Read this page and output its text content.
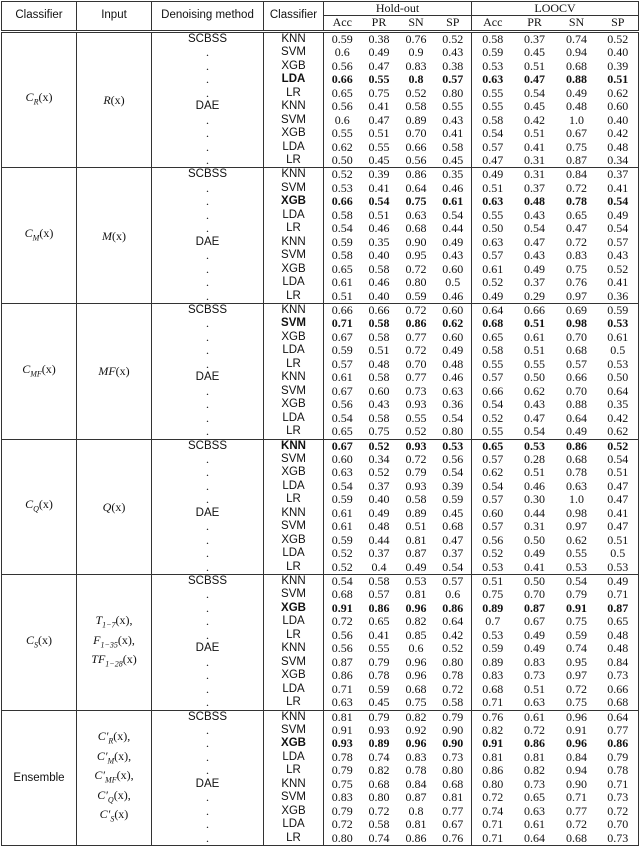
Classifier	Input	Denoising method	Classifier	Hold-out				LOOCV			
				Acc	PR	SN	SP	Acc	PR	SN	SP
$C_R(x)$	R(x)	SCBSS	KNN	0.59	0.38	0.76	0.52	0.58	0.37	0.74	0.52
		.	SVM	0.6	0.49	0.9	0.43	0.59	0.45	0.94	0.40
		.	XGB	0.56	0.47	0.83	0.38	0.53	0.51	0.68	0.39
		.	LDA	0.66	0.55	0.8	0.57	0.63	0.47	0.88	0.51
		.	LR	0.65	0.75	0.52	0.80	0.55	0.54	0.49	0.62
		DAE	KNN	0.56	0.41	0.58	0.55	0.55	0.45	0.48	0.60
		.	SVM	0.6	0.47	0.89	0.43	0.58	0.42	1.0	0.40
		.	XGB	0.55	0.51	0.70	0.41	0.54	0.51	0.67	0.42
		.	LDA	0.62	0.55	0.66	0.58	0.57	0.41	0.75	0.48
		.	LR	0.50	0.45	0.56	0.45	0.47	0.31	0.87	0.34
$C_M(x)$	M(x)	SCBSS	KNN	0.52	0.39	0.86	0.35	0.49	0.31	0.84	0.37
		.	SVM	0.53	0.41	0.64	0.46	0.51	0.37	0.72	0.41
		.	XGB	0.66	0.54	0.75	0.61	0.63	0.48	0.78	0.54
		.	LDA	0.58	0.51	0.63	0.54	0.55	0.43	0.65	0.49
		.	LR	0.54	0.46	0.68	0.44	0.50	0.54	0.47	0.54
		DAE	KNN	0.59	0.35	0.90	0.49	0.63	0.47	0.72	0.57
		.	SVM	0.58	0.40	0.95	0.43	0.57	0.43	0.83	0.43
		.	XGB	0.65	0.58	0.72	0.60	0.61	0.49	0.75	0.52
		.	LDA	0.61	0.46	0.80	0.5	0.52	0.37	0.76	0.41
		.	LR	0.51	0.40	0.59	0.46	0.49	0.29	0.97	0.36
$C_{MF}(x)$	MF(x)	SCBSS	KNN	0.66	0.66	0.72	0.60	0.64	0.66	0.69	0.59
		.	SVM	0.71	0.58	0.86	0.62	0.68	0.51	0.98	0.53
		.	XGB	0.67	0.58	0.77	0.60	0.65	0.61	0.70	0.61
		.	LDA	0.59	0.51	0.72	0.49	0.58	0.51	0.68	0.5
		.	LR	0.57	0.48	0.70	0.48	0.55	0.55	0.57	0.53
		DAE	KNN	0.61	0.58	0.77	0.46	0.57	0.50	0.66	0.50
		.	SVM	0.67	0.60	0.73	0.63	0.66	0.62	0.70	0.64
		.	XGB	0.56	0.43	0.93	0.36	0.54	0.43	0.88	0.35
		.	LDA	0.54	0.58	0.55	0.54	0.52	0.47	0.64	0.42
		.	LR	0.65	0.75	0.52	0.80	0.55	0.54	0.49	0.62
$C_Q(x)$	Q(x)	SCBSS	KNN	0.67	0.52	0.93	0.53	0.65	0.53	0.86	0.52
		.	SVM	0.60	0.34	0.72	0.56	0.57	0.28	0.68	0.54
		.	XGB	0.63	0.52	0.79	0.54	0.62	0.51	0.78	0.51
		.	LDA	0.54	0.37	0.93	0.39	0.54	0.46	0.63	0.47
		.	LR	0.59	0.40	0.58	0.59	0.57	0.30	1.0	0.47
		DAE	KNN	0.61	0.49	0.89	0.45	0.60	0.44	0.98	0.41
		.	SVM	0.61	0.48	0.51	0.68	0.57	0.31	0.97	0.47
		.	XGB	0.59	0.44	0.81	0.47	0.56	0.50	0.62	0.51
		.	LDA	0.52	0.37	0.87	0.37	0.52	0.49	0.55	0.5
		.	LR	0.52	0.4	0.49	0.54	0.53	0.41	0.53	0.53
$C_S(x)$	$T_{1-7}(x)$,
$F_{1-35}(x)$,
$TF_{1-28}(x)$	SCBSS	KNN	0.54	0.58	0.53	0.57	0.51	0.50	0.54	0.49
		.	SVM	0.68	0.57	0.81	0.6	0.75	0.70	0.79	0.71
		.	XGB	0.91	0.86	0.96	0.86	0.89	0.87	0.91	0.87
		.	LDA	0.72	0.65	0.82	0.64	0.7	0.67	0.75	0.65
		.	LR	0.56	0.41	0.85	0.42	0.53	0.49	0.59	0.48
		DAE	KNN	0.56	0.55	0.6	0.52	0.59	0.49	0.74	0.48
		.	SVM	0.87	0.79	0.96	0.80	0.89	0.83	0.95	0.84
		.	XGB	0.86	0.78	0.96	0.78	0.83	0.73	0.97	0.73
		.	LDA	0.71	0.59	0.68	0.72	0.68	0.51	0.72	0.66
		.	LR	0.63	0.45	0.75	0.58	0.71	0.63	0.75	0.68
Ensemble	$C'_R(x)$,
$C'_M(x)$,
$C'_{MF}(x)$,
$C'_Q(x)$,
$C'_S(x)$	SCBSS	KNN	0.81	0.79	0.82	0.79	0.76	0.61	0.96	0.64
		.	SVM	0.91	0.93	0.92	0.90	0.82	0.72	0.91	0.77
		.	XGB	0.93	0.89	0.96	0.90	0.91	0.86	0.96	0.86
		.	LDA	0.78	0.74	0.83	0.73	0.81	0.81	0.84	0.79
		.	LR	0.79	0.82	0.78	0.80	0.86	0.82	0.94	0.78
		DAE	KNN	0.75	0.68	0.84	0.68	0.80	0.73	0.90	0.71
		.	SVM	0.83	0.80	0.87	0.81	0.72	0.65	0.71	0.73
		.	XGB	0.79	0.72	0.8	0.77	0.74	0.63	0.77	0.72
		.	LDA	0.72	0.58	0.81	0.67	0.71	0.61	0.72	0.70
		.	LR	0.80	0.74	0.86	0.76	0.71	0.64	0.68	0.73
